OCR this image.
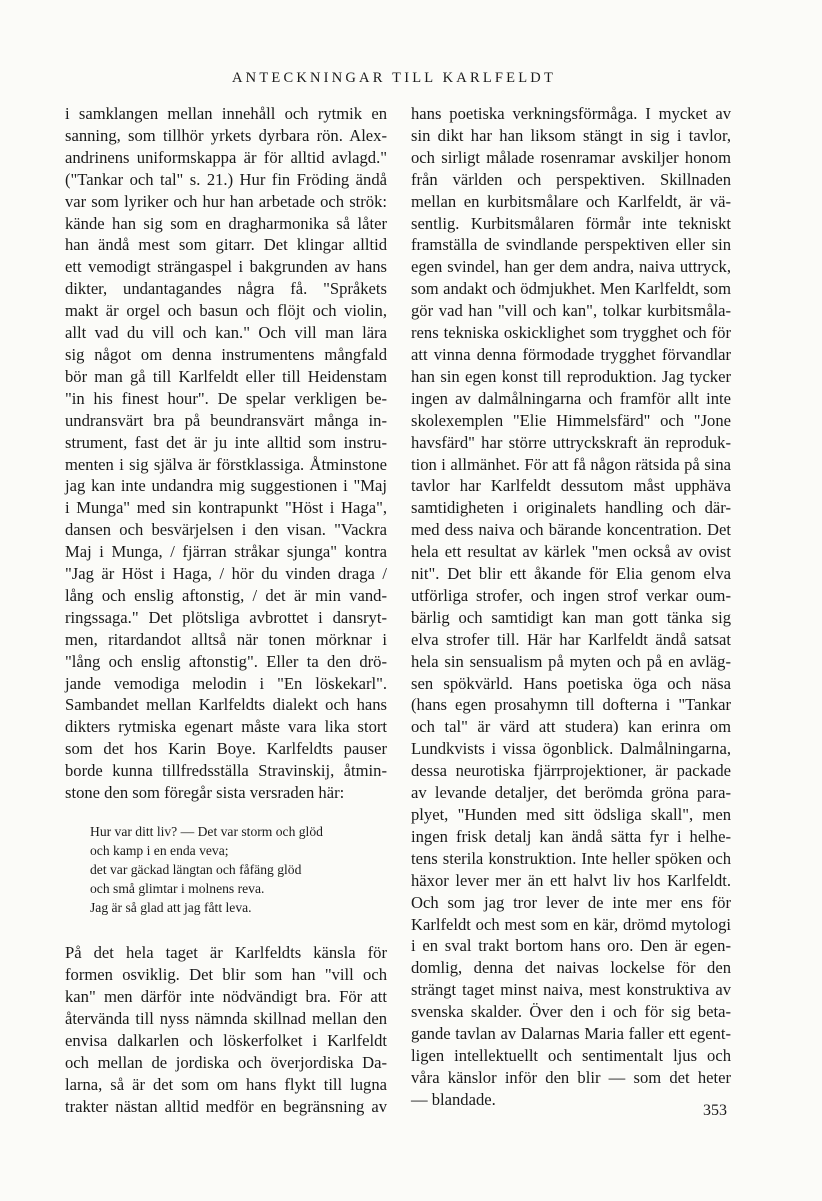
ANTECKNINGAR TILL KARLFELDT

i samklangen mellan innehåll och rytmik en
sanning, som tillhör yrkets dyrbara rön. Alex-
andrinens uniformskappa är för alltid avlagd."
("Tankar och tal" s. 21.) Hur fin Fröding ändå
var som lyriker och hur han arbetade och strök:
kände han sig som en dragharmonika så låter
han ändå mest som gitarr. Det klingar alltid
ett vemodigt strängaspel i bakgrunden av hans
dikter, undantagandes några få. "Språkets
makt är orgel och basun och flöjt och violin,
allt vad du vill och kan." Och vill man lära
sig något om denna instrumentens mångfald
bör man gå till Karlfeldt eller till Heidenstam
"in his finest hour". De spelar verkligen be-
undransvärt bra på beundransvärt många in-
strument, fast det är ju inte alltid som instru-
menten i sig själva är förstklassiga. Åtminstone
jag kan inte undandra mig suggestionen i "Maj
i Munga" med sin kontrapunkt "Höst i Haga",
dansen och besvärjelsen i den visan. "Vackra
Maj i Munga, / fjärran stråkar sjunga" kontra
"Jag är Höst i Haga, / hör du vinden draga /
lång och enslig aftonstig, / det är min vand-
ringssaga." Det plötsliga avbrottet i dansryt-
men, ritardandot alltså när tonen mörknar i
"lång och enslig aftonstig". Eller ta den drö-
jande vemodiga melodin i "En löskekarl".
Sambandet mellan Karlfeldts dialekt och hans
dikters rytmiska egenart måste vara lika stort
som det hos Karin Boye. Karlfeldts pauser
borde kunna tillfredsställa Stravinskij, åtmin-
stone den som föregår sista versraden här:

Hur var ditt liv? — Det var storm och glöd
och kamp i en enda veva;
det var gäckad längtan och fåfäng glöd
och små glimtar i molnens reva.
Jag är så glad att jag fått leva.

På det hela taget är Karlfeldts känsla för
formen osviklig. Det blir som han "vill och
kan" men därför inte nödvändigt bra. För att
återvända till nyss nämnda skillnad mellan den
envisa dalkarlen och löskerfolket i Karlfeldt
och mellan de jordiska och överjordiska Da-
larna, så är det som om hans flykt till lugna
trakter nästan alltid medför en begränsning av

hans poetiska verkningsförmåga. I mycket av
sin dikt har han liksom stängt in sig i tavlor,
och sirligt målade rosenramar avskiljer honom
från världen och perspektiven. Skillnaden
mellan en kurbitsmålare och Karlfeldt, är vä-
sentlig. Kurbitsmålaren förmår inte tekniskt
framställa de svindlande perspektiven eller sin
egen svindel, han ger dem andra, naiva uttryck,
som andakt och ödmjukhet. Men Karlfeldt, som
gör vad han "vill och kan", tolkar kurbitsmåla-
rens tekniska oskicklighet som trygghet och för
att vinna denna förmodade trygghet förvandlar
han sin egen konst till reproduktion. Jag tycker
ingen av dalmålningarna och framför allt inte
skolexemplen "Elie Himmelsfärd" och "Jone
havsfärd" har större uttryckskraft än reproduk-
tion i allmänhet. För att få någon rätsida på sina
tavlor har Karlfeldt dessutom måst upphäva
samtidigheten i originalets handling och där-
med dess naiva och bärande koncentration. Det
hela ett resultat av kärlek "men också av ovist
nit". Det blir ett åkande för Elia genom elva
utförliga strofer, och ingen strof verkar oum-
bärlig och samtidigt kan man gott tänka sig
elva strofer till. Här har Karlfeldt ändå satsat
hela sin sensualism på myten och på en avläg-
sen spökvärld. Hans poetiska öga och näsa
(hans egen prosahymn till dofterna i "Tankar
och tal" är värd att studera) kan erinra om
Lundkvists i vissa ögonblick. Dalmålningarna,
dessa neurotiska fjärrprojektioner, är packade
av levande detaljer, det berömda gröna para-
plyet, "Hunden med sitt ödsliga skall", men
ingen frisk detalj kan ändå sätta fyr i helhe-
tens sterila konstruktion. Inte heller spöken och
häxor lever mer än ett halvt liv hos Karlfeldt.
Och som jag tror lever de inte mer ens för
Karlfeldt och mest som en kär, drömd mytologi
i en sval trakt bortom hans oro. Den är egen-
domlig, denna det naivas lockelse för den
strängt taget minst naiva, mest konstruktiva av
svenska skalder. Över den i och för sig beta-
gande tavlan av Dalarnas Maria faller ett egent-
ligen intellektuellt och sentimentalt ljus och
våra känslor inför den blir — som det heter
— blandade.

353
